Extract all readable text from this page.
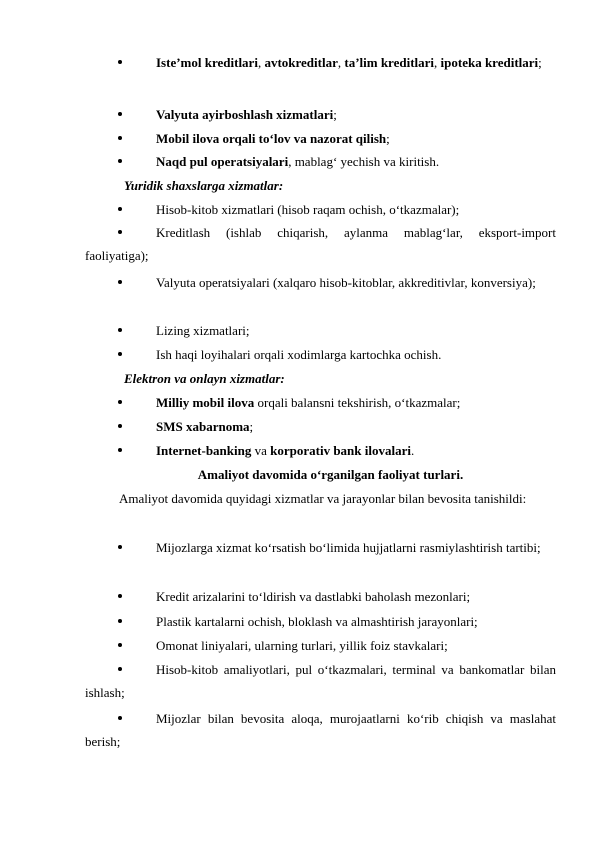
Iste’mol kreditlari, avtokreditlar, ta’lim kreditlari, ipoteka kreditlari;
Valyuta ayirboshlash xizmatlari;
Mobil ilova orqali to‘lov va nazorat qilish;
Naqd pul operatsiyalari, mablag‘ yechish va kiritish.

Yuridik shaxslarga xizmatlar:

Hisob-kitob xizmatlari (hisob raqam ochish, o‘tkazmalar);
Kreditlash (ishlab chiqarish, aylanma mablag‘lar, eksport-import faoliyatiga);
Valyuta operatsiyalari (xalqaro hisob-kitoblar, akkreditivlar, konversiya);
Lizing xizmatlari;
Ish haqi loyihalari orqali xodimlarga kartochka ochish.

Elektron va onlayn xizmatlar:

Milliy mobil ilova orqali balansni tekshirish, o‘tkazmalar;
SMS xabarnoma;
Internet-banking va korporativ bank ilovalari.

Amaliyot davomida o‘rganilgan faoliyat turlari.

Amaliyot davomida quyidagi xizmatlar va jarayonlar bilan bevosita tanishildi:

Mijozlarga xizmat ko‘rsatish bo‘limida hujjatlarni rasmiylashtirish tartibi;
Kredit arizalarini to‘ldirish va dastlabki baholash mezonlari;
Plastik kartalarni ochish, bloklash va almashtirish jarayonlari;
Omonat liniyalari, ularning turlari, yillik foiz stavkalari;
Hisob-kitob amaliyotlari, pul o‘tkazmalari, terminal va bankomatlar bilan ishlash;
Mijozlar bilan bevosita aloqa, murojaatlarni ko‘rib chiqish va maslahat berish;
